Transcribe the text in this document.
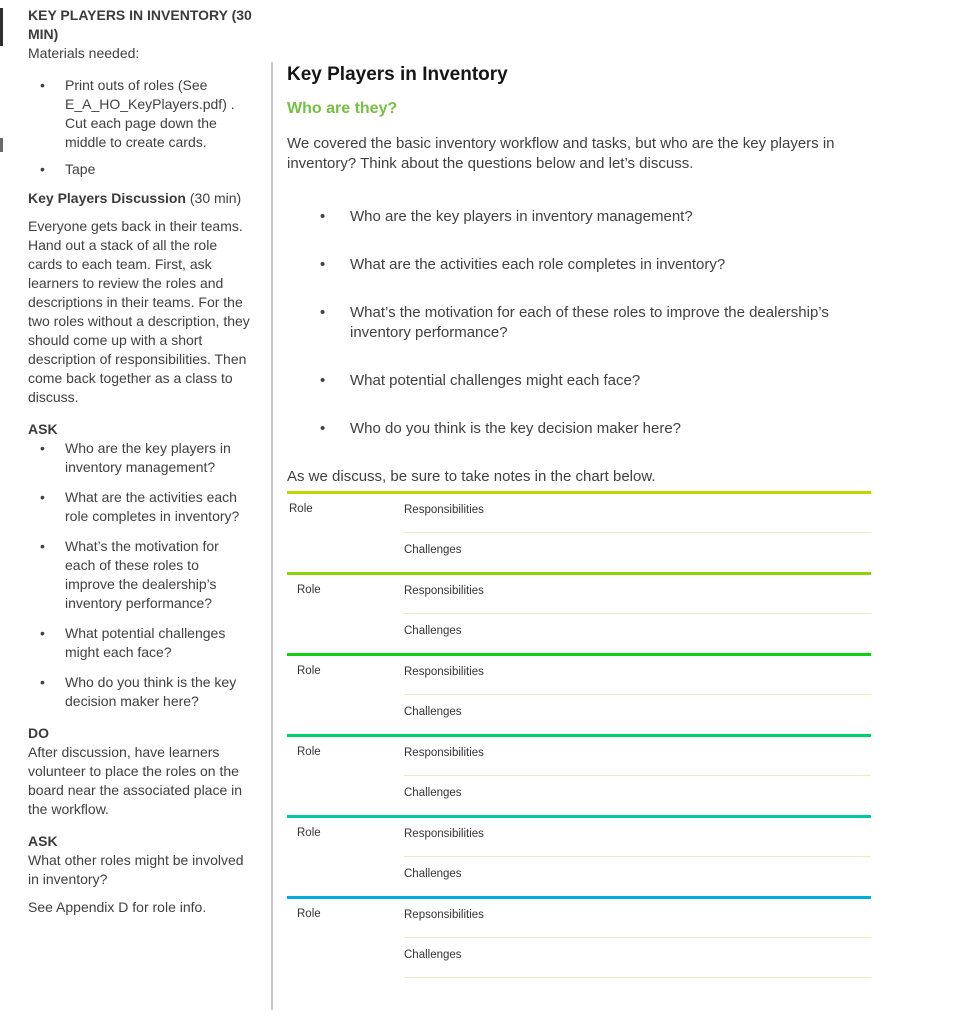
KEY PLAYERS IN INVENTORY (30 MIN)

Materials needed:

• Print outs of roles (See E_A_HO_KeyPlayers.pdf) . Cut each page down the middle to create cards.
• Tape

Key Players Discussion (30 min)

Everyone gets back in their teams. Hand out a stack of all the role cards to each team. First, ask learners to review the roles and descriptions in their teams. For the two roles without a description, they should come up with a short description of responsibilities. Then come back together as a class to discuss.

ASK

• Who are the key players in inventory management?
• What are the activities each role completes in inventory?
• What’s the motivation for each of these roles to improve the dealership’s inventory performance?
• What potential challenges might each face?
• Who do you think is the key decision maker here?

DO

After discussion, have learners volunteer to place the roles on the board near the associated place in the workflow.

ASK

What other roles might be involved in inventory?

See Appendix D for role info.

Key Players in Inventory
Who are they?

We covered the basic inventory workflow and tasks, but who are the key players in inventory? Think about the questions below and let’s discuss.

• Who are the key players in inventory management?
• What are the activities each role completes in inventory?
• What’s the motivation for each of these roles to improve the dealership’s inventory performance?
• What potential challenges might each face?
• Who do you think is the key decision maker here?

As we discuss, be sure to take notes in the chart below.

Role	Responsibilities
Challenges
Role	Responsibilities
Challenges
Role	Responsibilities
Challenges
Role	Responsibilities
Challenges
Role	Responsibilities
Challenges
Role	Repsonsibilities
Challenges
